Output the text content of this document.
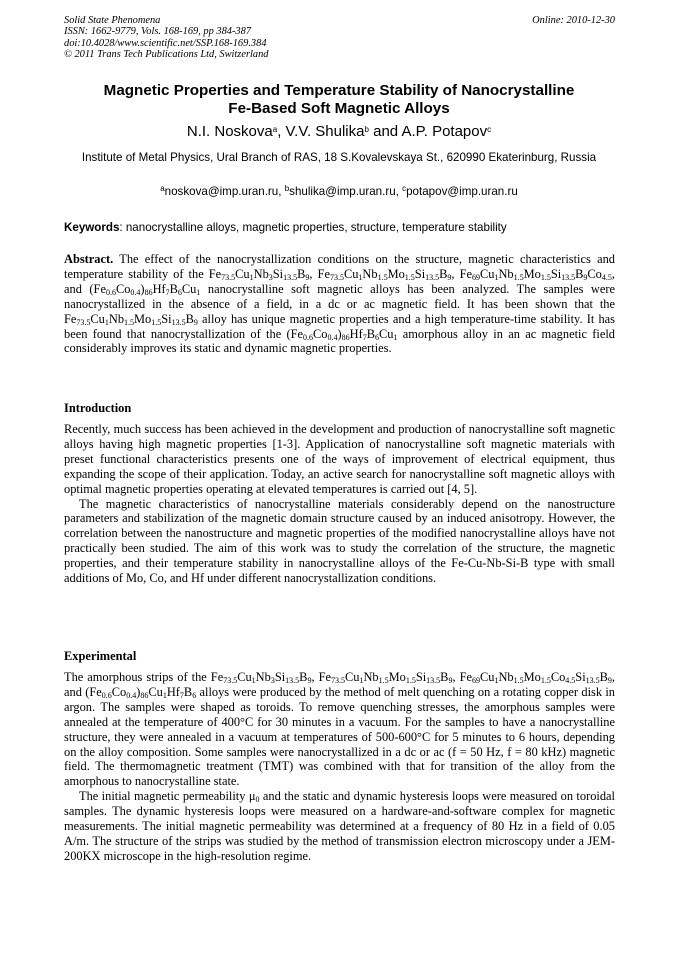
Solid State Phenomena
ISSN: 1662-9779, Vols. 168-169, pp 384-387
doi:10.4028/www.scientific.net/SSP.168-169.384
© 2011 Trans Tech Publications Ltd, Switzerland
Online: 2010-12-30
Magnetic Properties and Temperature Stability of Nanocrystalline
Fe-Based Soft Magnetic Alloys
N.I. Noskova$^a$, V.V. Shulika$^b$ and A.P. Potapov$^c$
Institute of Metal Physics, Ural Branch of RAS, 18 S.Kovalevskaya St., 620990 Ekaterinburg, Russia
$^a$noskova@imp.uran.ru, $^b$shulika@imp.uran.ru, $^c$potapov@imp.uran.ru
Keywords: nanocrystalline alloys, magnetic properties, structure, temperature stability

Abstract. The effect of the nanocrystallization conditions on the structure, magnetic characteristics and temperature stability of the $Fe_{73.5}Cu_1Nb_3Si_{13.5}B_9$, $Fe_{73.5}Cu_1Nb_{1.5}Mo_{1.5}Si_{13.5}B_9$, $Fe_{69}Cu_1Nb_{1.5}Mo_{1.5}Si_{13.5}B_9Co_{4.5}$, and $(Fe_{0.6}Co_{0.4})_{86}Hf_7B_6Cu_1$ nanocrystalline soft magnetic alloys has been analyzed. The samples were nanocrystallized in the absence of a field, in a dc or ac magnetic field. It has been shown that the $Fe_{73.5}Cu_1Nb_{1.5}Mo_{1.5}Si_{13.5}B_9$ alloy has unique magnetic properties and a high temperature-time stability. It has been found that nanocrystallization of the $(Fe_{0.6}Co_{0.4})_{86}Hf_7B_6Cu_1$ amorphous alloy in an ac magnetic field considerably improves its static and dynamic magnetic properties.

Introduction

Recently, much success has been achieved in the development and production of nanocrystalline soft magnetic alloys having high magnetic properties [1-3]. Application of nanocrystalline soft magnetic materials with preset functional characteristics presents one of the ways of improvement of electrical equipment, thus expanding the scope of their application. Today, an active search for nanocrystalline soft magnetic alloys with optimal magnetic properties operating at elevated temperatures is carried out [4, 5].

The magnetic characteristics of nanocrystalline materials considerably depend on the nanostructure parameters and stabilization of the magnetic domain structure caused by an induced anisotropy. However, the correlation between the nanostructure and magnetic properties of the modified nanocrystalline alloys have not practically been studied. The aim of this work was to study the correlation of the structure, the magnetic properties, and their temperature stability in nanocrystalline alloys of the Fe-Cu-Nb-Si-B type with small additions of Mo, Co, and Hf under different nanocrystallization conditions.

Experimental

The amorphous strips of the $Fe_{73.5}Cu_1Nb_3Si_{13.5}B_9$, $Fe_{73.5}Cu_1Nb_{1.5}Mo_{1.5}Si_{13.5}B_9$, $Fe_{69}Cu_1Nb_{1.5}Mo_{1.5}Co_{4.5}Si_{13.5}B_9$, and $(Fe_{0.6}Co_{0.4})_{86}Cu_1Hf_7B_6$ alloys were produced by the method of melt quenching on a rotating copper disk in argon. The samples were shaped as toroids. To remove quenching stresses, the amorphous samples were annealed at the temperature of 400°C for 30 minutes in a vacuum. For the samples to have a nanocrystalline structure, they were annealed in a vacuum at temperatures of 500-600°C for 5 minutes to 6 hours, depending on the alloy composition. Some samples were nanocrystallized in a dc or ac (f = 50 Hz, f = 80 kHz) magnetic field. The thermomagnetic treatment (TMT) was combined with that for transition of the alloy from the amorphous to nanocrystalline state.

The initial magnetic permeability $\mu_0$ and the static and dynamic hysteresis loops were measured on toroidal samples. The dynamic hysteresis loops were measured on a hardware-and-software complex for magnetic measurements. The initial magnetic permeability was determined at a frequency of 80 Hz in a field of 0.05 A/m. The structure of the strips was studied by the method of transmission electron microscopy under a JEM-200KX microscope in the high-resolution regime.
